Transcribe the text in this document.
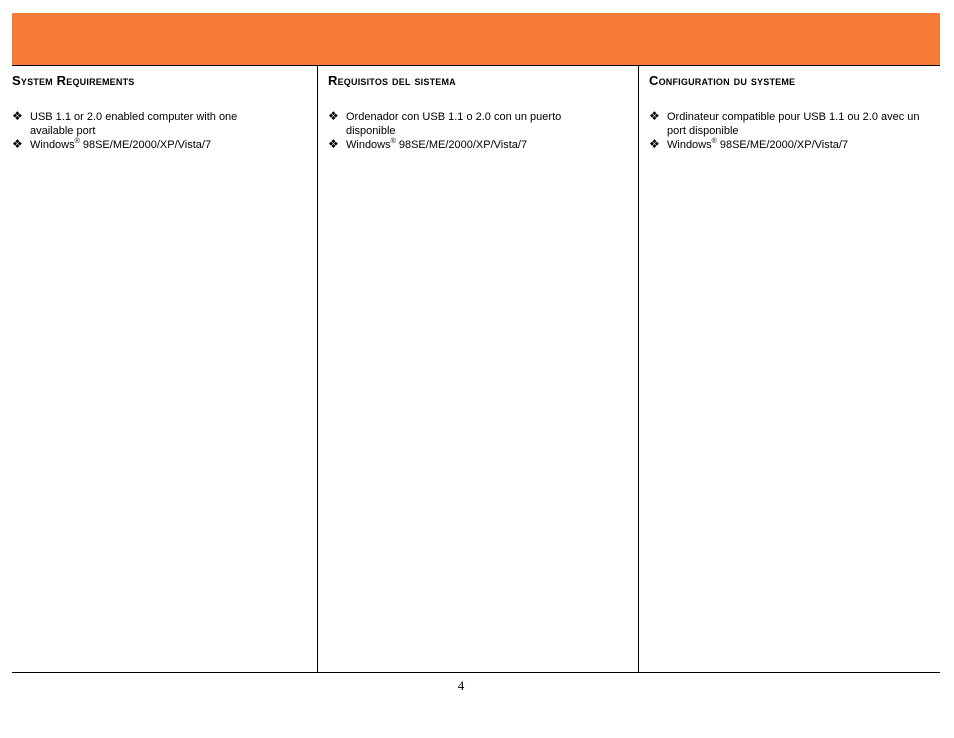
System Requirements
❖ USB 1.1 or 2.0 enabled computer with one
available port
❖ Windows® 98SE/ME/2000/XP/Vista/7
Requisitos del sistema
❖ Ordenador con USB 1.1 o 2.0 con un puerto
disponible
❖ Windows® 98SE/ME/2000/XP/Vista/7
Configuration du systeme
❖ Ordinateur compatible pour USB 1.1 ou 2.0 avec un
port disponible
❖ Windows® 98SE/ME/2000/XP/Vista/7
4
